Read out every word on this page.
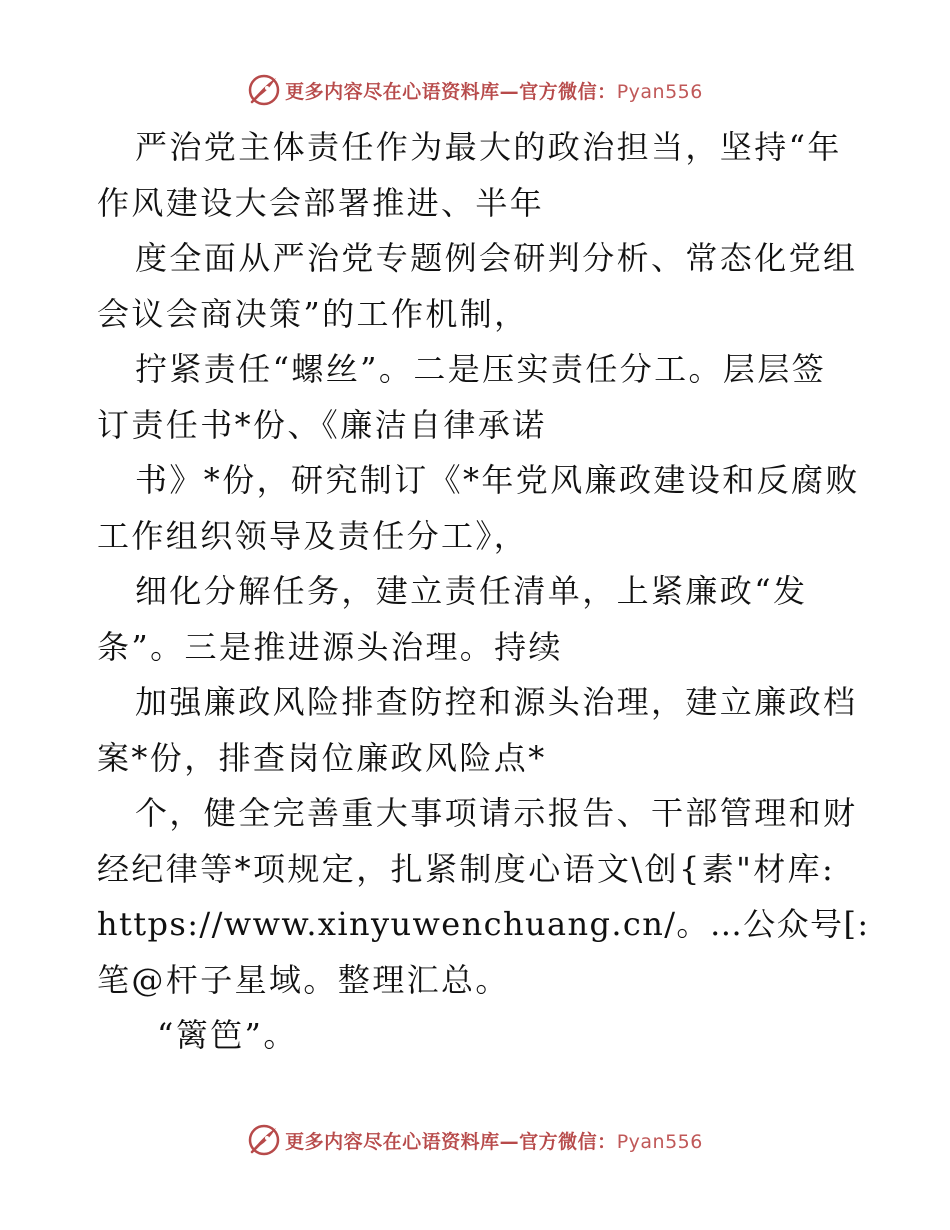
更多内容尽在心语资料库—官方微信：Pyan556
严治党主体责任作为最大的政治担当，坚持“年
作风建设大会部署推进、半年
度全面从严治党专题例会研判分析、常态化党组
会议会商决策”的工作机制，
拧紧责任“螺丝”。二是压实责任分工。层层签
订责任书*份、《廉洁自律承诺
书》*份，研究制订《*年党风廉政建设和反腐败
工作组织领导及责任分工》，
细化分解任务，建立责任清单，上紧廉政“发
条”。三是推进源头治理。持续
加强廉政风险排查防控和源头治理，建立廉政档
案*份，排查岗位廉政风险点*
个，健全完善重大事项请示报告、干部管理和财
经纪律等*项规定，扎紧制度心语文\创{素"材库:
https://www.xinyuwenchuang.cn/。…公众号[:
笔@杆子星域。整理汇总。
“篱笆”。
更多内容尽在心语资料库—官方微信：Pyan556
